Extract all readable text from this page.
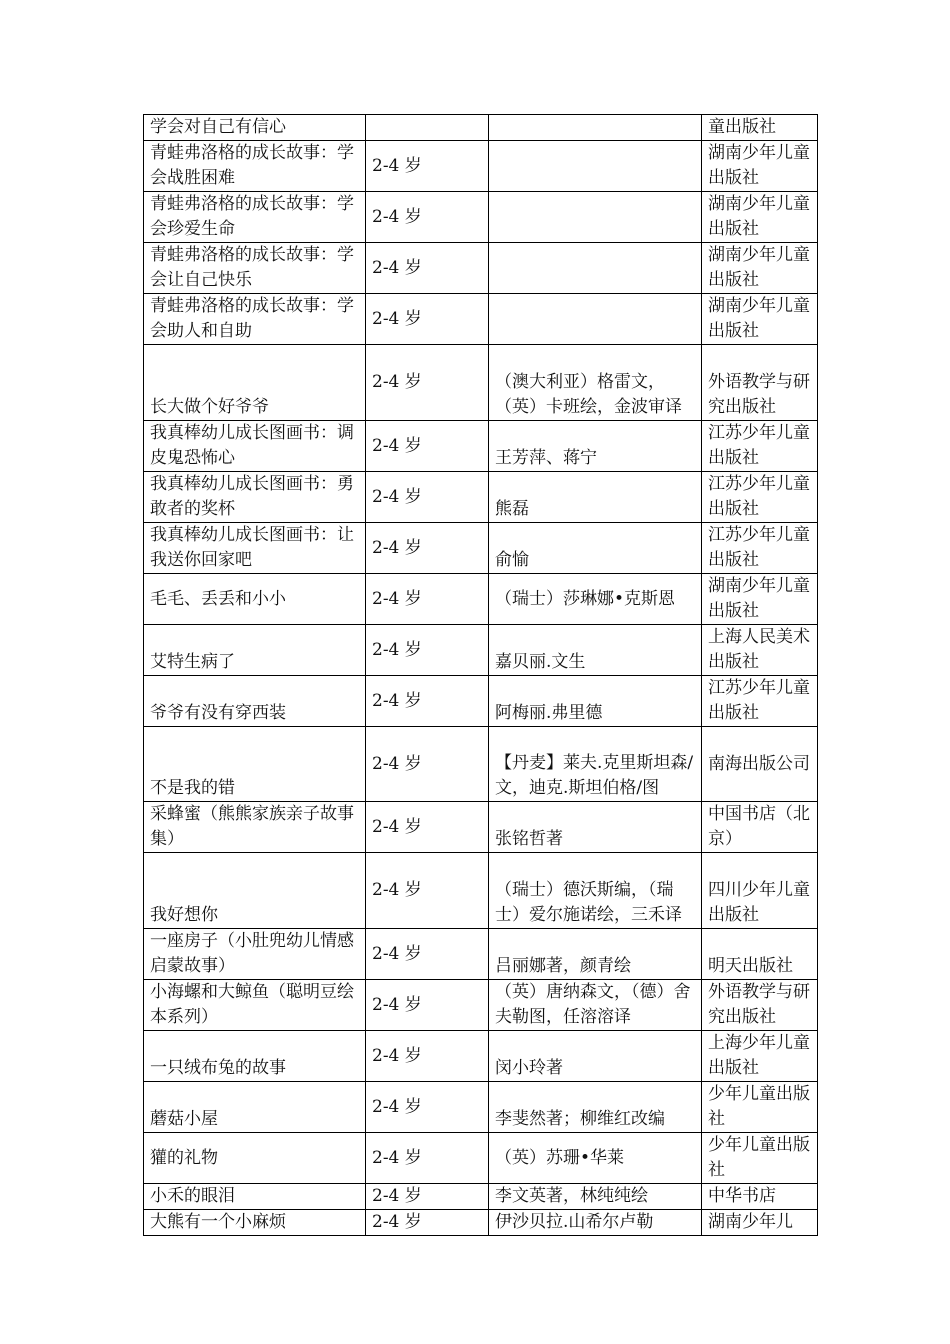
学会对自己有信心			童出版社
青蛙弗洛格的成长故事：学会战胜困难	2-4 岁		湖南少年儿童出版社
青蛙弗洛格的成长故事：学会珍爱生命	2-4 岁		湖南少年儿童出版社
青蛙弗洛格的成长故事：学会让自己快乐	2-4 岁		湖南少年儿童出版社
青蛙弗洛格的成长故事：学会助人和自助	2-4 岁		湖南少年儿童出版社
长大做个好爷爷	2-4 岁	（澳大利亚）格雷文，（英）卡班绘，金波审译	外语教学与研究出版社
我真棒幼儿成长图画书：调皮鬼恐怖心	2-4 岁	王芳萍、蒋宁	江苏少年儿童出版社
我真棒幼儿成长图画书：勇敢者的奖杯	2-4 岁	熊磊	江苏少年儿童出版社
我真棒幼儿成长图画书：让我送你回家吧	2-4 岁	俞愉	江苏少年儿童出版社
毛毛、丢丢和小小	2-4 岁	（瑞士）莎琳娜•克斯恩	湖南少年儿童出版社
艾特生病了	2-4 岁	嘉贝丽.文生	上海人民美术出版社
爷爷有没有穿西装	2-4 岁	阿梅丽.弗里德	江苏少年儿童出版社
不是我的错	2-4 岁	【丹麦】莱夫.克里斯坦森/文，迪克.斯坦伯格/图	南海出版公司
采蜂蜜（熊熊家族亲子故事集）	2-4 岁	张铭哲著	中国书店（北京）
我好想你	2-4 岁	（瑞士）德沃斯编，（瑞士）爱尔施诺绘，三禾译	四川少年儿童出版社
一座房子（小肚兜幼儿情感启蒙故事）	2-4 岁	吕丽娜著，颜青绘	明天出版社
小海螺和大鲸鱼（聪明豆绘本系列）	2-4 岁	（英）唐纳森文，（德）舍夫勒图，任溶溶译	外语教学与研究出版社
一只绒布兔的故事	2-4 岁	闵小玲著	上海少年儿童出版社
蘑菇小屋	2-4 岁	李斐然著；柳维红改编	少年儿童出版社
獾的礼物	2-4 岁	（英）苏珊•华莱	少年儿童出版社
小禾的眼泪	2-4 岁	李文英著，林纯纯绘	中华书店
大熊有一个小麻烦	2-4 岁	伊沙贝拉.山希尔卢勒	湖南少年儿
